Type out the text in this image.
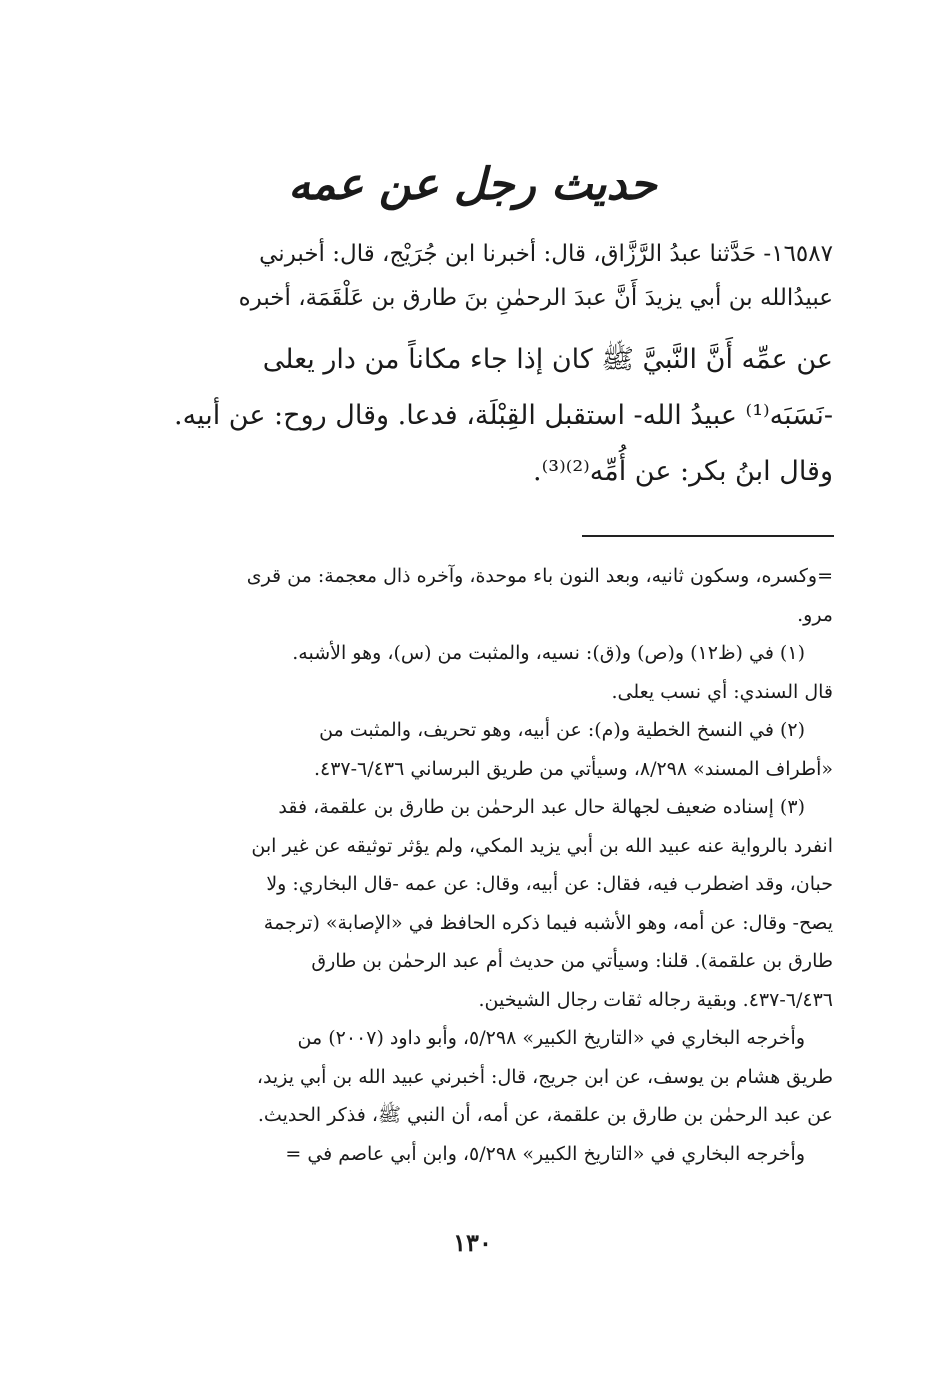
حديث رجل عن عمه
١٦٥٨٧- حَدَّثنا عبدُ الرَّزَّاق، قال: أخبرنا ابن جُرَيْج، قال: أخبرني
عبيدُالله بن أبي يزيدَ أَنَّ عبدَ الرحمٰنِ بنَ طارق بن عَلْقَمَة، أخبره
عن عمِّه أَنَّ النَّبيَّ ﷺ كان إذا جاء مكاناً من دار يعلى
-نَسَبَه⁽¹⁾ عبيدُ الله- استقبل القِبْلَة، فدعا. وقال روح: عن أبيه.
وقال ابنُ بكر: عن أُمِّه⁽²⁾⁽³⁾.
=وكسره، وسكون ثانيه، وبعد النون باء موحدة، وآخره ذال معجمة: من قرى
مرو.
(١) في (ظ١٢) و(ص) و(ق): نسيه، والمثبت من (س)، وهو الأشبه.
قال السندي: أي نسب يعلى.
(٢) في النسخ الخطية و(م): عن أبيه، وهو تحريف، والمثبت من
«أطراف المسند» ٨/٢٩٨، وسيأتي من طريق البرساني ٦/٤٣٦-٤٣٧.
(٣) إسناده ضعيف لجهالة حال عبد الرحمٰن بن طارق بن علقمة، فقد
انفرد بالرواية عنه عبيد الله بن أبي يزيد المكي، ولم يؤثر توثيقه عن غير ابن
حبان، وقد اضطرب فيه، فقال: عن أبيه، وقال: عن عمه -قال البخاري: ولا
يصح- وقال: عن أمه، وهو الأشبه فيما ذكره الحافظ في «الإصابة» (ترجمة
طارق بن علقمة). قلنا: وسيأتي من حديث أم عبد الرحمٰن بن طارق
٦/٤٣٦-٤٣٧. وبقية رجاله ثقات رجال الشيخين.
وأخرجه البخاري في «التاريخ الكبير» ٥/٢٩٨، وأبو داود (٢٠٠٧) من
طريق هشام بن يوسف، عن ابن جريج، قال: أخبرني عبيد الله بن أبي يزيد،
عن عبد الرحمٰن بن طارق بن علقمة، عن أمه، أن النبي ﷺ، فذكر الحديث.
وأخرجه البخاري في «التاريخ الكبير» ٥/٢٩٨، وابن أبي عاصم في =
١٣٠
